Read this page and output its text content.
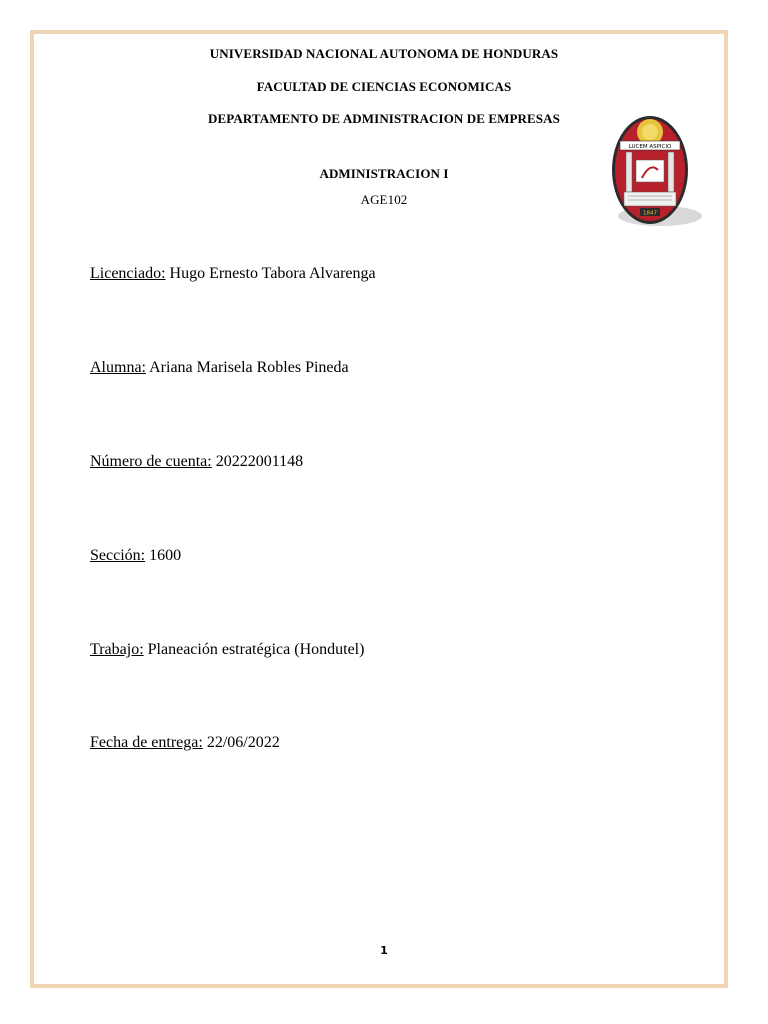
UNIVERSIDAD NACIONAL AUTONOMA DE HONDURAS
FACULTAD DE CIENCIAS ECONOMICAS
DEPARTAMENTO DE ADMINISTRACION DE EMPRESAS
ADMINISTRACION I
AGE102
LUCEM ASPICIO
1847
Licenciado: Hugo Ernesto Tabora Alvarenga
Alumna: Ariana Marisela Robles Pineda
Número de cuenta: 20222001148
Sección: 1600
Trabajo: Planeación estratégica (Hondutel)
Fecha de entrega: 22/06/2022
1
